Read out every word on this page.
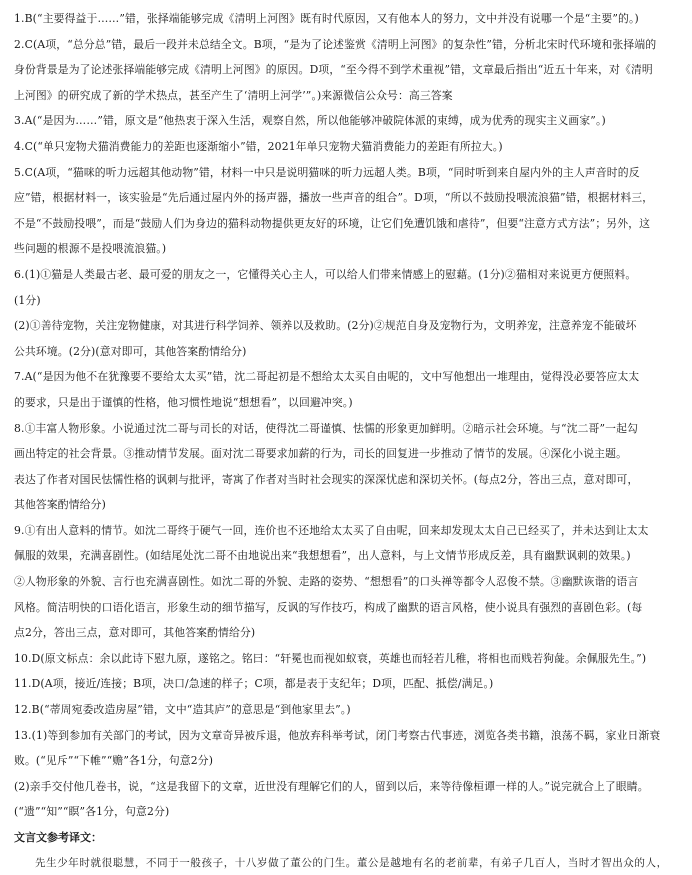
1.B(“主要得益于……”错，张择端能够完成《清明上河图》既有时代原因，又有他本人的努力，文中并没有说哪一个是“主要”的。)

2.C(A项，“总分总”错，最后一段并未总结全文。B项，“是为了论述鉴赏《清明上河图》的复杂性”错，分析北宋时代环境和张择端的
身份背景是为了论述张择端能够完成《清明上河图》的原因。D项，“至今得不到学术重视”错，文章最后指出“近五十年来，对《清明
上河图》的研究成了新的学术热点，甚至产生了‘清明上河学’”。)来源微信公众号：高三答案

3.A(“是因为……”错，原文是“他热衷于深入生活，观察自然，所以他能够冲破院体派的束缚，成为优秀的现实主义画家”。)

4.C(“单只宠物犬猫消费能力的差距也逐渐缩小”错，2021年单只宠物犬猫消费能力的差距有所拉大。)

5.C(A项，“猫咪的听力远超其他动物”错，材料一中只是说明猫咪的听力远超人类。B项，“同时听到来自屋内外的主人声音时的反
应”错，根据材料一，该实验是“先后通过屋内外的扬声器，播放一些声音的组合”。D项，“所以不鼓励投喂流浪猫”错，根据材料三，
不是“不鼓励投喂”，而是“鼓励人们为身边的猫科动物提供更友好的环境，让它们免遭饥饿和虐待”，但要“注意方式方法”；另外，这
些问题的根源不是投喂流浪猫。)

6.(1)①猫是人类最古老、最可爱的朋友之一，它懂得关心主人，可以给人们带来情感上的慰藉。(1分)②猫相对来说更方便照料。
(1分)
(2)①善待宠物，关注宠物健康，对其进行科学饲养、领养以及救助。(2分)②规范自身及宠物行为，文明养宠，注意养宠不能破坏
公共环境。(2分)(意对即可，其他答案酌情给分)

7.A(“是因为他不在犹豫要不要给太太买”错，沈二哥起初是不想给太太买自由呢的，文中写他想出一堆理由，觉得没必要答应太太
的要求，只是出于谨慎的性格，他习惯性地说“想想看”，以回避冲突。)

8.①丰富人物形象。小说通过沈二哥与司长的对话，使得沈二哥谨慎、怯懦的形象更加鲜明。②暗示社会环境。与“沈二哥”一起勾
画出特定的社会背景。③推动情节发展。面对沈二哥要求加薪的行为，司长的回复进一步推动了情节的发展。④深化小说主题。
表达了作者对国民怯懦性格的讽刺与批评，寄寓了作者对当时社会现实的深深忧虑和深切关怀。(每点2分，答出三点，意对即可，
其他答案酌情给分)

9.①有出人意料的情节。如沈二哥终于硬气一回，连价也不还地给太太买了自由呢，回来却发现太太自己已经买了，并未达到让太太
佩服的效果，充满喜剧性。(如结尾处沈二哥不由地说出来“我想想看”，出人意料，与上文情节形成反差，具有幽默讽刺的效果。)
②人物形象的外貌、言行也充满喜剧性。如沈二哥的外貌、走路的姿势、“想想看”的口头禅等都令人忍俊不禁。③幽默诙谐的语言
风格。简洁明快的口语化语言，形象生动的细节描写，反讽的写作技巧，构成了幽默的语言风格，使小说具有强烈的喜剧色彩。(每
点2分，答出三点，意对即可，其他答案酌情给分)

10.D(原文标点：余以此诗下慰九原，遂铭之。铭曰：“轩冕也而视如蚁衰，英雄也而轻若儿稚，将相也而贱若狗彘。余佩服先生。”)

11.D(A项，接近/连接；B项，决口/急速的样子；C项，都是表于支纪年；D项，匹配、抵偿/满足。)

12.B(“蒂周宛委改造房屋”错，文中“造其庐”的意思是“到他家里去”。)

13.(1)等到参加有关部门的考试，因为文章奇异被斥退，他放弃科举考试，闭门考察古代事迹，浏览各类书籍，浪荡不羁，家业日渐衰
败。(“见斥”“下帷”“赡”各1分，句意2分)
(2)亲手交付他几卷书，说，“这是我留下的文章，近世没有理解它们的人，留到以后，来等待像桓谭一样的人。”说完就合上了眼睛。
(“遗”“知”“瞑”各1分，句意2分)

文言文参考译文：

先生少年时就很聪慧，不同于一般孩子，十八岁做了董公的门生。董公是越地有名的老前辈，有弟子几百人，当时才智出众的人，
